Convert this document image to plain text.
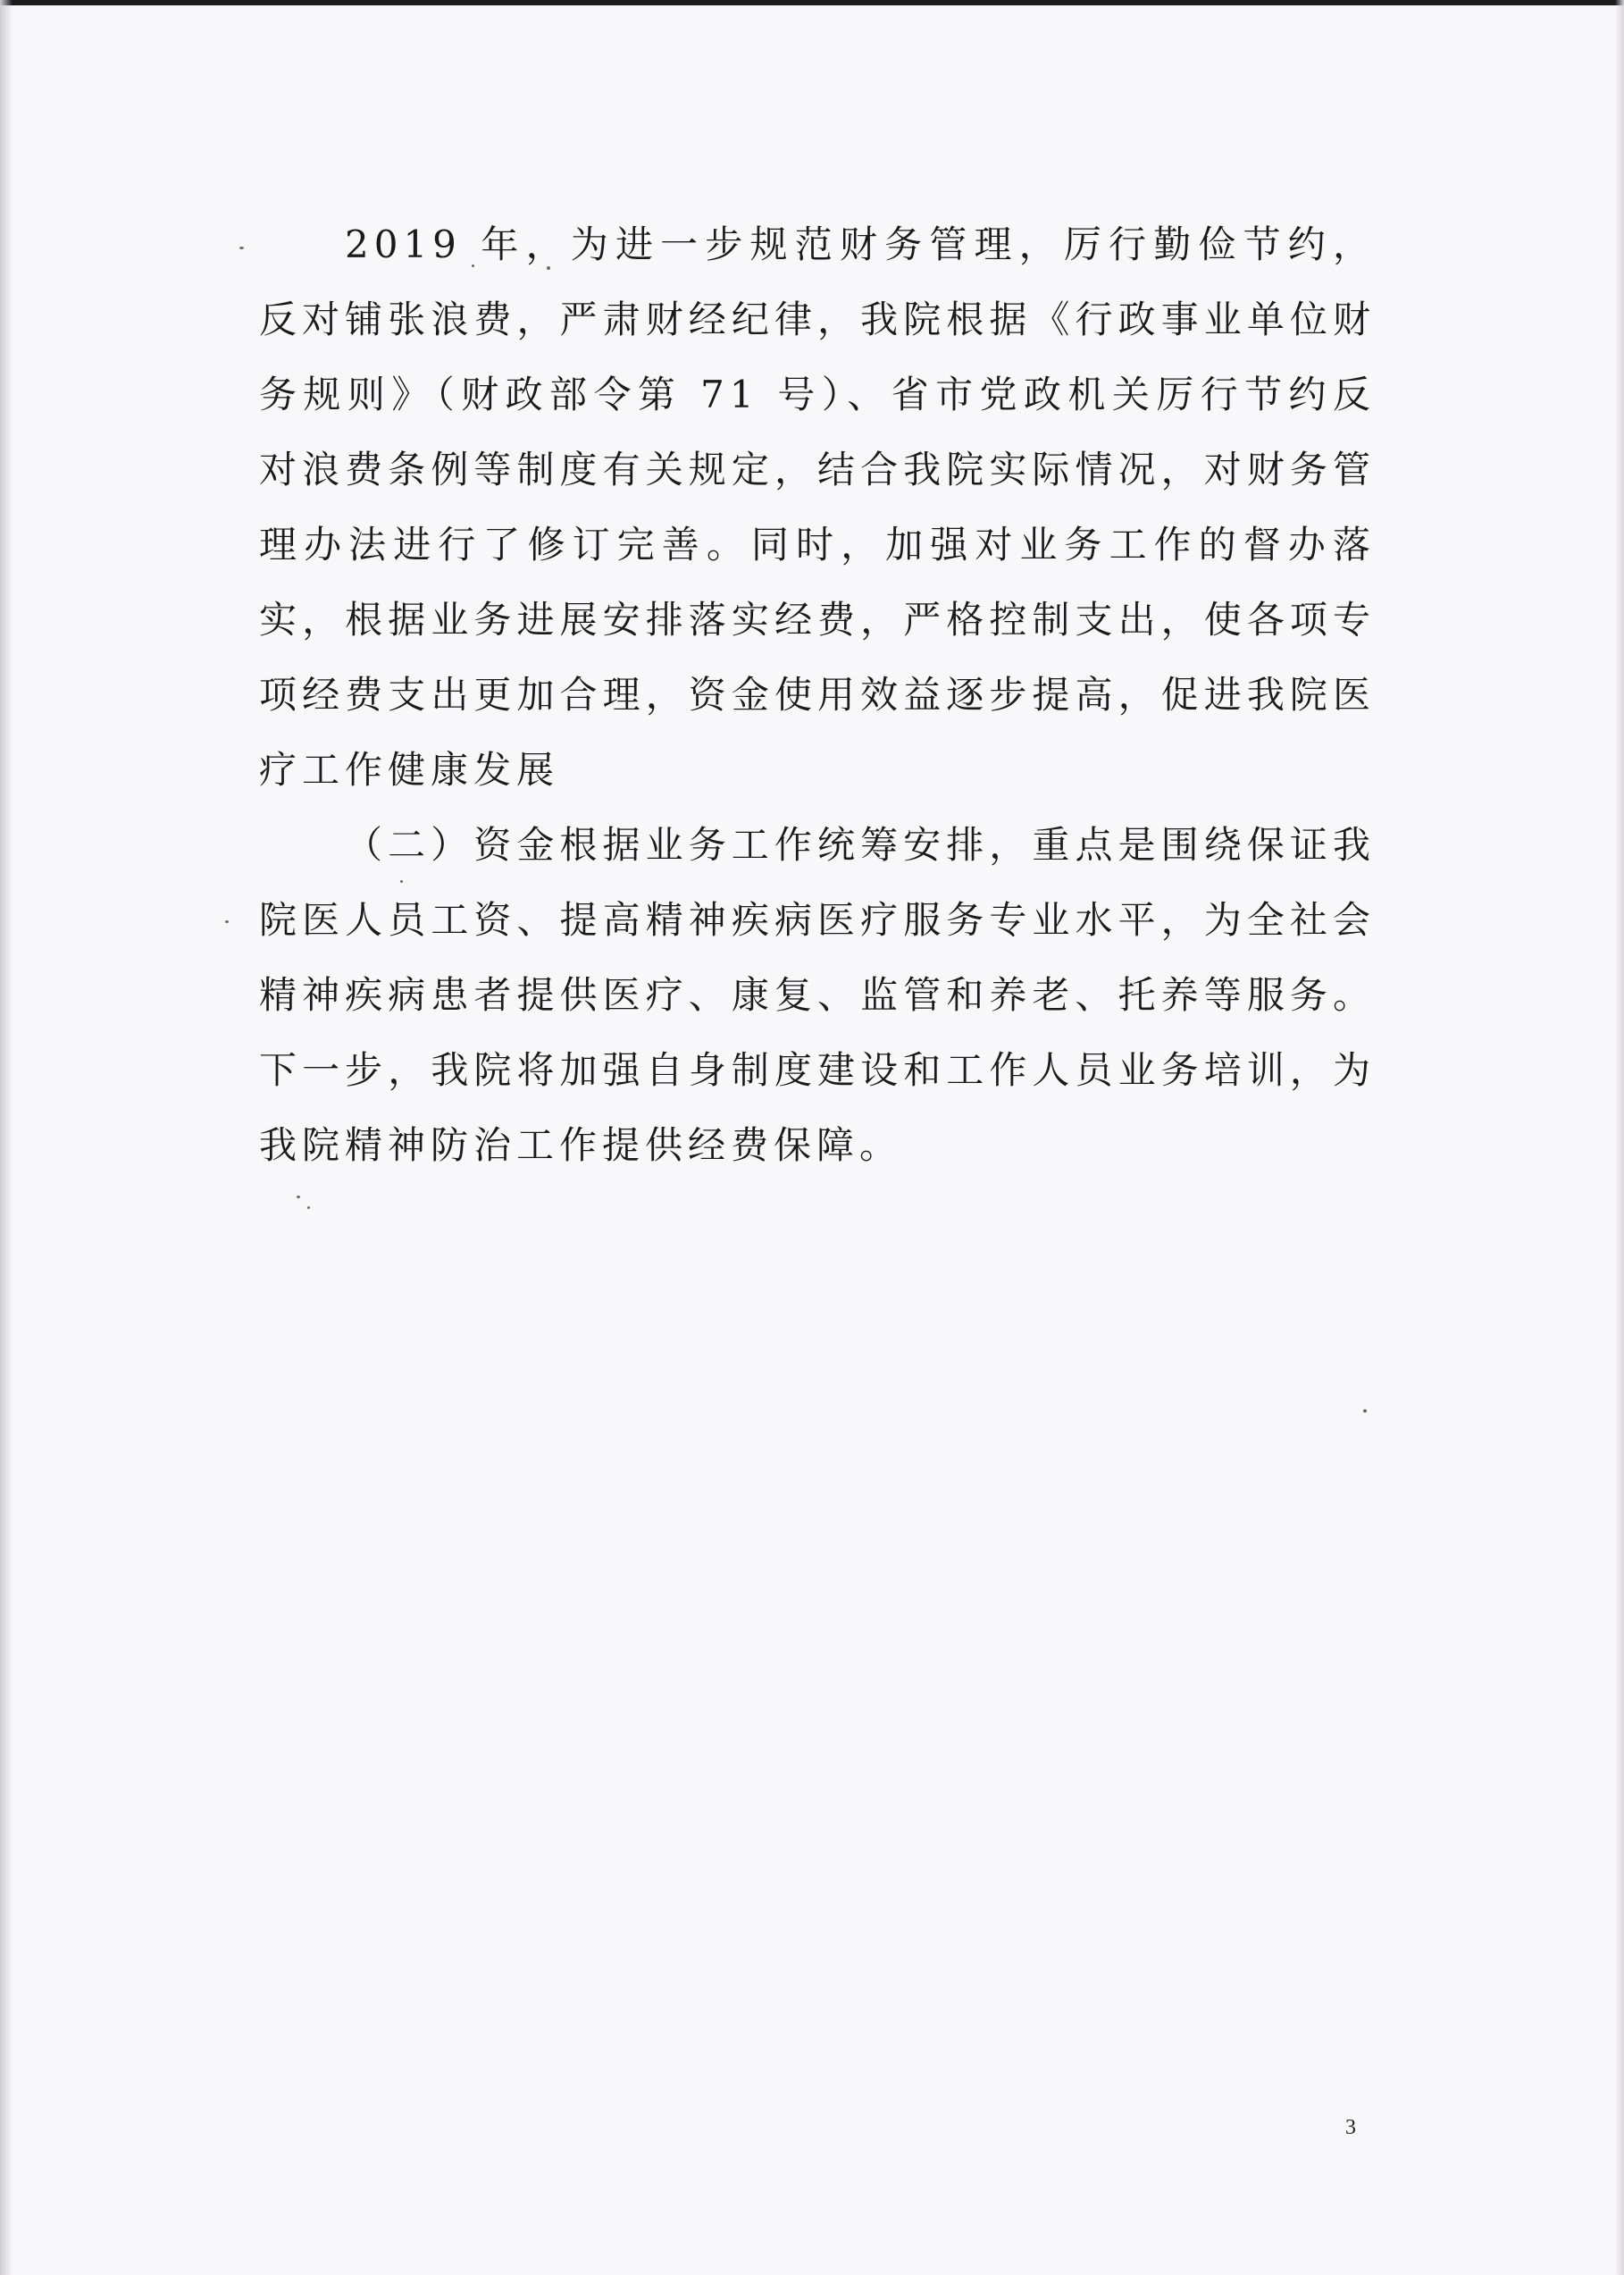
2019 年，为进一步规范财务管理，厉行勤俭节约，反对铺张浪费，严肃财经纪律，我院根据《行政事业单位财务规则》（财政部令第 71 号）、省市党政机关厉行节约反对浪费条例等制度有关规定，结合我院实际情况，对财务管理办法进行了修订完善。同时，加强对业务工作的督办落实，根据业务进展安排落实经费，严格控制支出，使各项专项经费支出更加合理，资金使用效益逐步提高，促进我院医疗工作健康发展

（二）资金根据业务工作统筹安排，重点是围绕保证我院医人员工资、提高精神疾病医疗服务专业水平，为全社会精神疾病患者提供医疗、康复、监管和养老、托养等服务。下一步，我院将加强自身制度建设和工作人员业务培训，为我院精神防治工作提供经费保障。

3
